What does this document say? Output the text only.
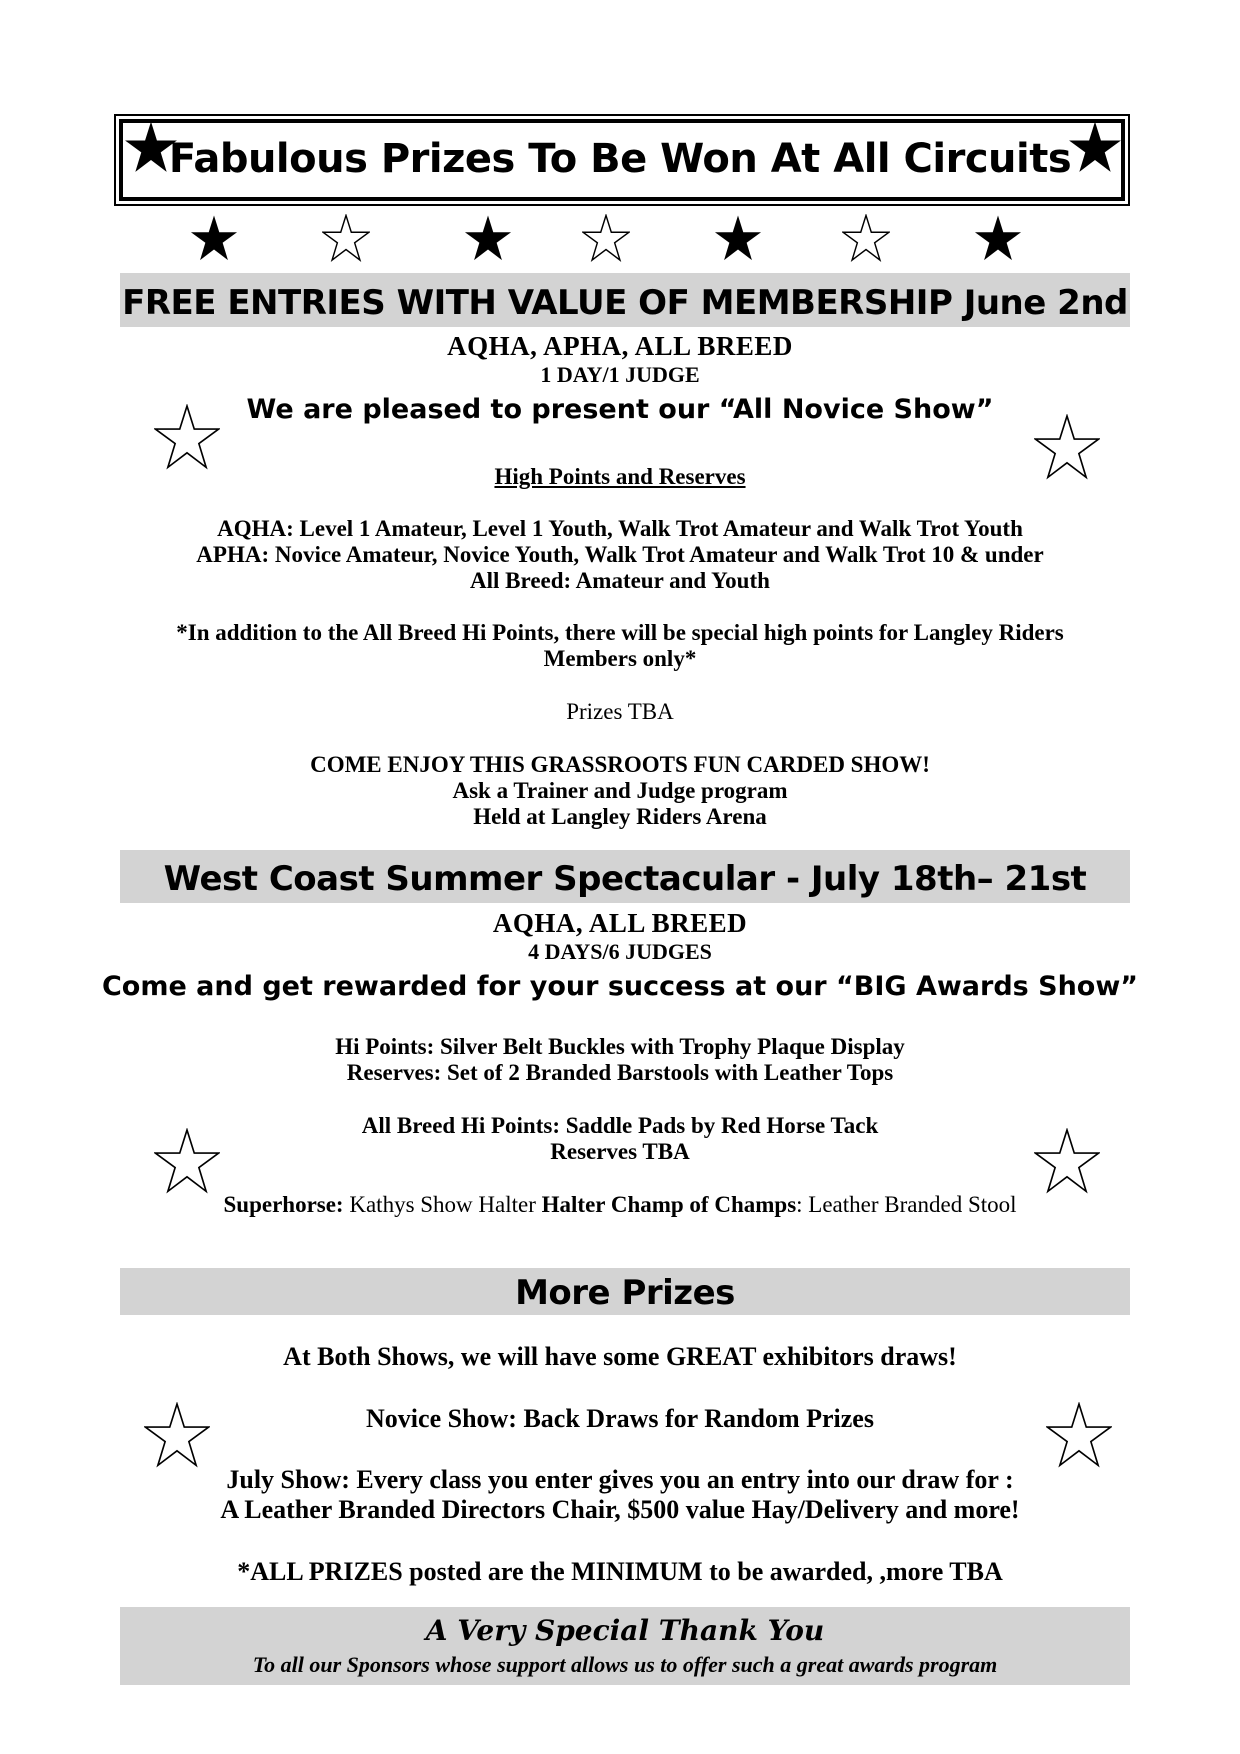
Fabulous Prizes To Be Won At All Circuits
FREE ENTRIES WITH VALUE OF MEMBERSHIP June 2nd
AQHA, APHA, ALL BREED
1 DAY/1 JUDGE
We are pleased to present our “All Novice Show”
High Points and Reserves
AQHA: Level 1 Amateur, Level 1 Youth, Walk Trot Amateur and Walk Trot Youth
APHA: Novice Amateur, Novice Youth, Walk Trot Amateur and Walk Trot 10 & under
All Breed: Amateur and Youth
*In addition to the All Breed Hi Points, there will be special high points for Langley Riders
Members only*
Prizes TBA
COME ENJOY THIS GRASSROOTS FUN CARDED SHOW!
Ask a Trainer and Judge program
Held at Langley Riders Arena
West Coast Summer Spectacular - July 18th– 21st
AQHA, ALL BREED
4 DAYS/6 JUDGES
Come and get rewarded for your success at our “BIG Awards Show”
Hi Points: Silver Belt Buckles with Trophy Plaque Display
Reserves: Set of 2 Branded Barstools with Leather Tops
All Breed Hi Points: Saddle Pads by Red Horse Tack
Reserves TBA
Superhorse: Kathys Show Halter Halter Champ of Champs: Leather Branded Stool
More Prizes
At Both Shows, we will have some GREAT exhibitors draws!
Novice Show: Back Draws for Random Prizes
July Show: Every class you enter gives you an entry into our draw for :
A Leather Branded Directors Chair, $500 value Hay/Delivery and more!
*ALL PRIZES posted are the MINIMUM to be awarded, ,more TBA
A Very Special Thank You
To all our Sponsors whose support allows us to offer such a great awards program
